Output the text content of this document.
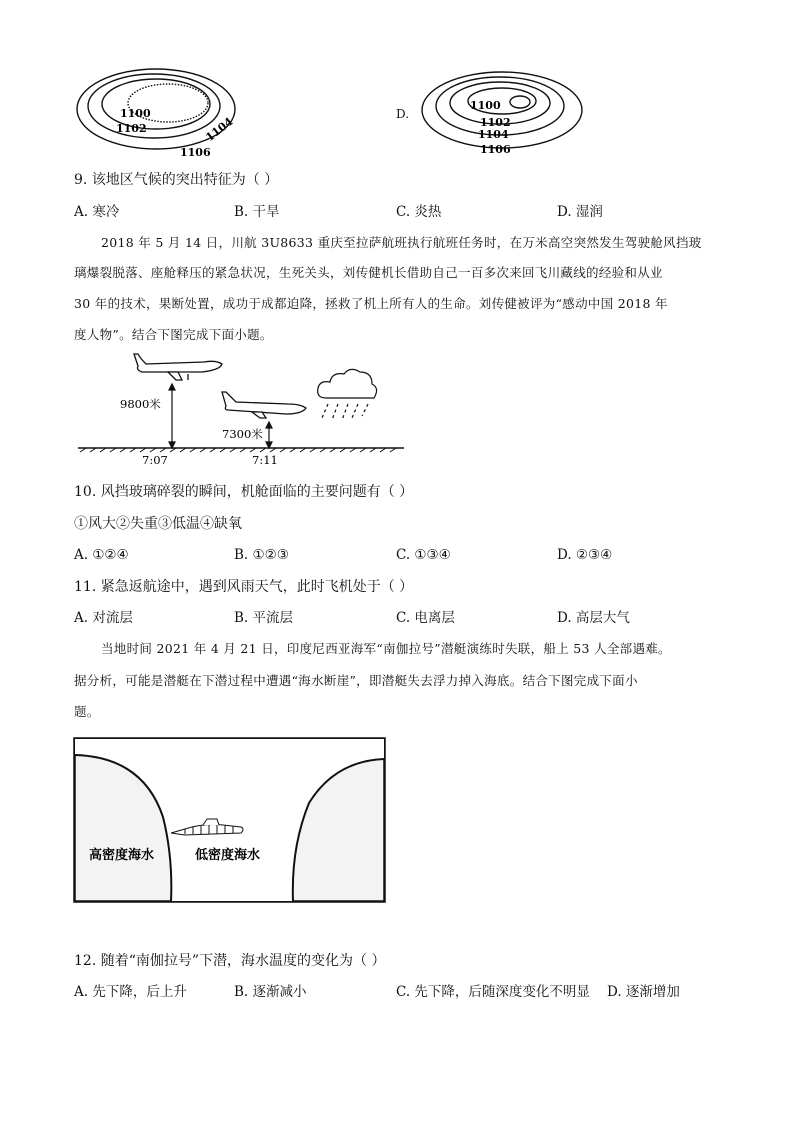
1100
1102	1104
1106
D.
1100
1102
1104
1106
9. 该地区气候的突出特征为（ ）
A. 寒冷	B. 干旱	C. 炎热	D. 湿润
2018 年 5 月 14 日，川航 3U8633 重庆至拉萨航班执行航班任务时，在万米高空突然发生驾驶舱风挡玻
璃爆裂脱落、座舱释压的紧急状况，生死关头，刘传健机长借助自己一百多次来回飞川藏线的经验和从业
30 年的技术，果断处置，成功于成都迫降，拯救了机上所有人的生命。刘传健被评为“感动中国 2018 年
度人物”。结合下图完成下面小题。
9800米
7300米
7:07	7:11
10. 风挡玻璃碎裂的瞬间，机舱面临的主要问题有（ ）
①风大②失重③低温④缺氧
A. ①②④	B. ①②③	C. ①③④	D. ②③④
11. 紧急返航途中，遇到风雨天气，此时飞机处于（ ）
A. 对流层	B. 平流层	C. 电离层	D. 高层大气
当地时间 2021 年 4 月 21 日，印度尼西亚海军“南伽拉号”潜艇演练时失联，船上 53 人全部遇难。
据分析，可能是潜艇在下潜过程中遭遇“海水断崖”，即潜艇失去浮力掉入海底。结合下图完成下面小
题。
高密度海水	低密度海水
12. 随着“南伽拉号”下潜，海水温度的变化为（ ）
A. 先下降，后上升	B. 逐渐减小	C. 先下降，后随深度变化不明显 D. 逐渐增加
